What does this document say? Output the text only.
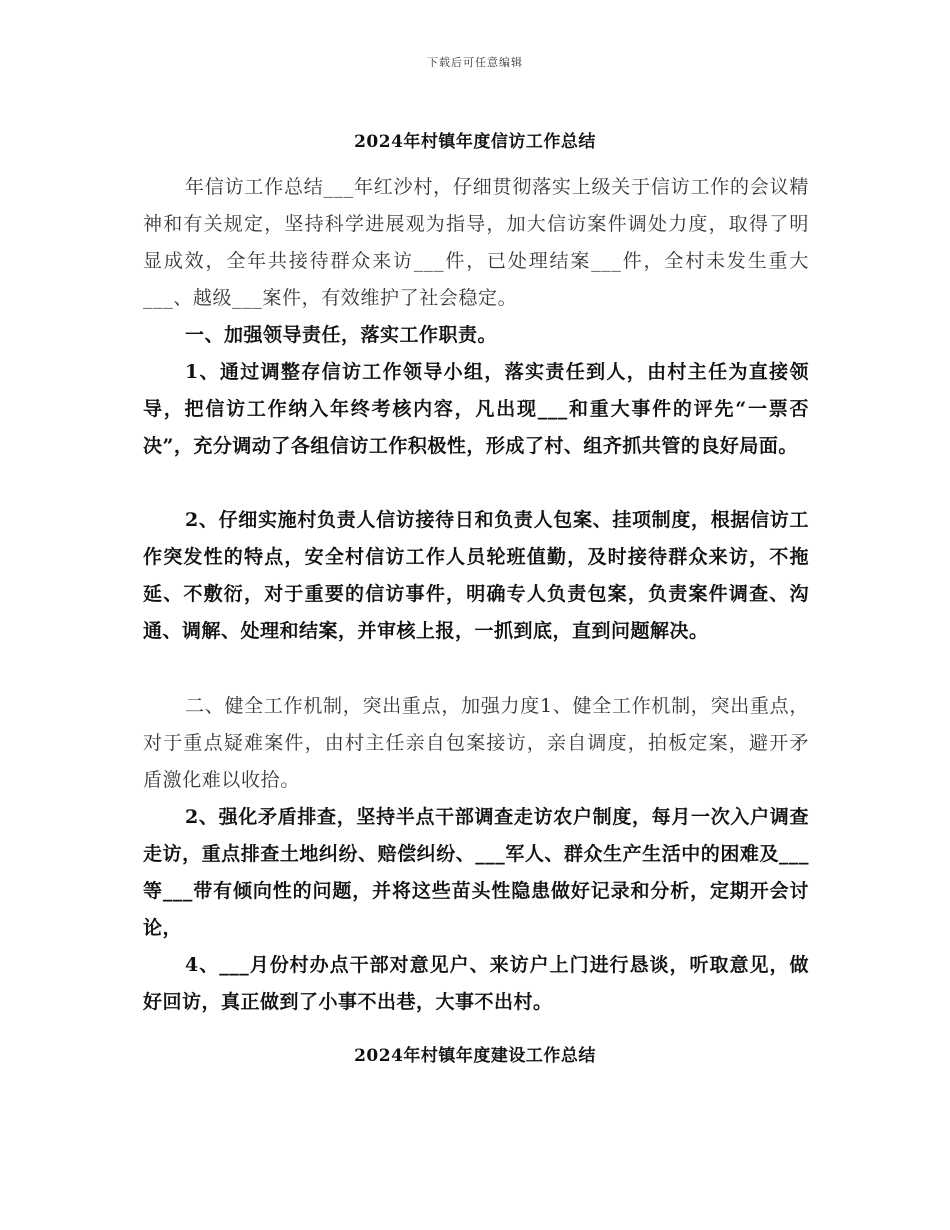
下载后可任意编辑
2024年村镇年度信访工作总结

年信访工作总结___年红沙村，仔细贯彻落实上级关于信访工作的会议精神和有关规定，坚持科学进展观为指导，加大信访案件调处力度，取得了明显成效，全年共接待群众来访___件，已处理结案___件，全村未发生重大___、越级___案件，有效维护了社会稳定。

一、加强领导责任，落实工作职责。

1、通过调整存信访工作领导小组，落实责任到人，由村主任为直接领导，把信访工作纳入年终考核内容，凡出现___和重大事件的评先“一票否决”，充分调动了各组信访工作积极性，形成了村、组齐抓共管的良好局面。

2、仔细实施村负责人信访接待日和负责人包案、挂项制度，根据信访工作突发性的特点，安全村信访工作人员轮班值勤，及时接待群众来访，不拖延、不敷衍，对于重要的信访事件，明确专人负责包案，负责案件调查、沟通、调解、处理和结案，并审核上报，一抓到底，直到问题解决。

二、健全工作机制，突出重点，加强力度1、健全工作机制，突出重点，对于重点疑难案件，由村主任亲自包案接访，亲自调度，拍板定案，避开矛盾激化难以收拾。

2、强化矛盾排查，坚持半点干部调查走访农户制度，每月一次入户调查走访，重点排查土地纠纷、赔偿纠纷、___军人、群众生产生活中的困难及___等___带有倾向性的问题，并将这些苗头性隐患做好记录和分析，定期开会讨论，

4、___月份村办点干部对意见户、来访户上门进行恳谈，听取意见，做好回访，真正做到了小事不出巷，大事不出村。

2024年村镇年度建设工作总结
